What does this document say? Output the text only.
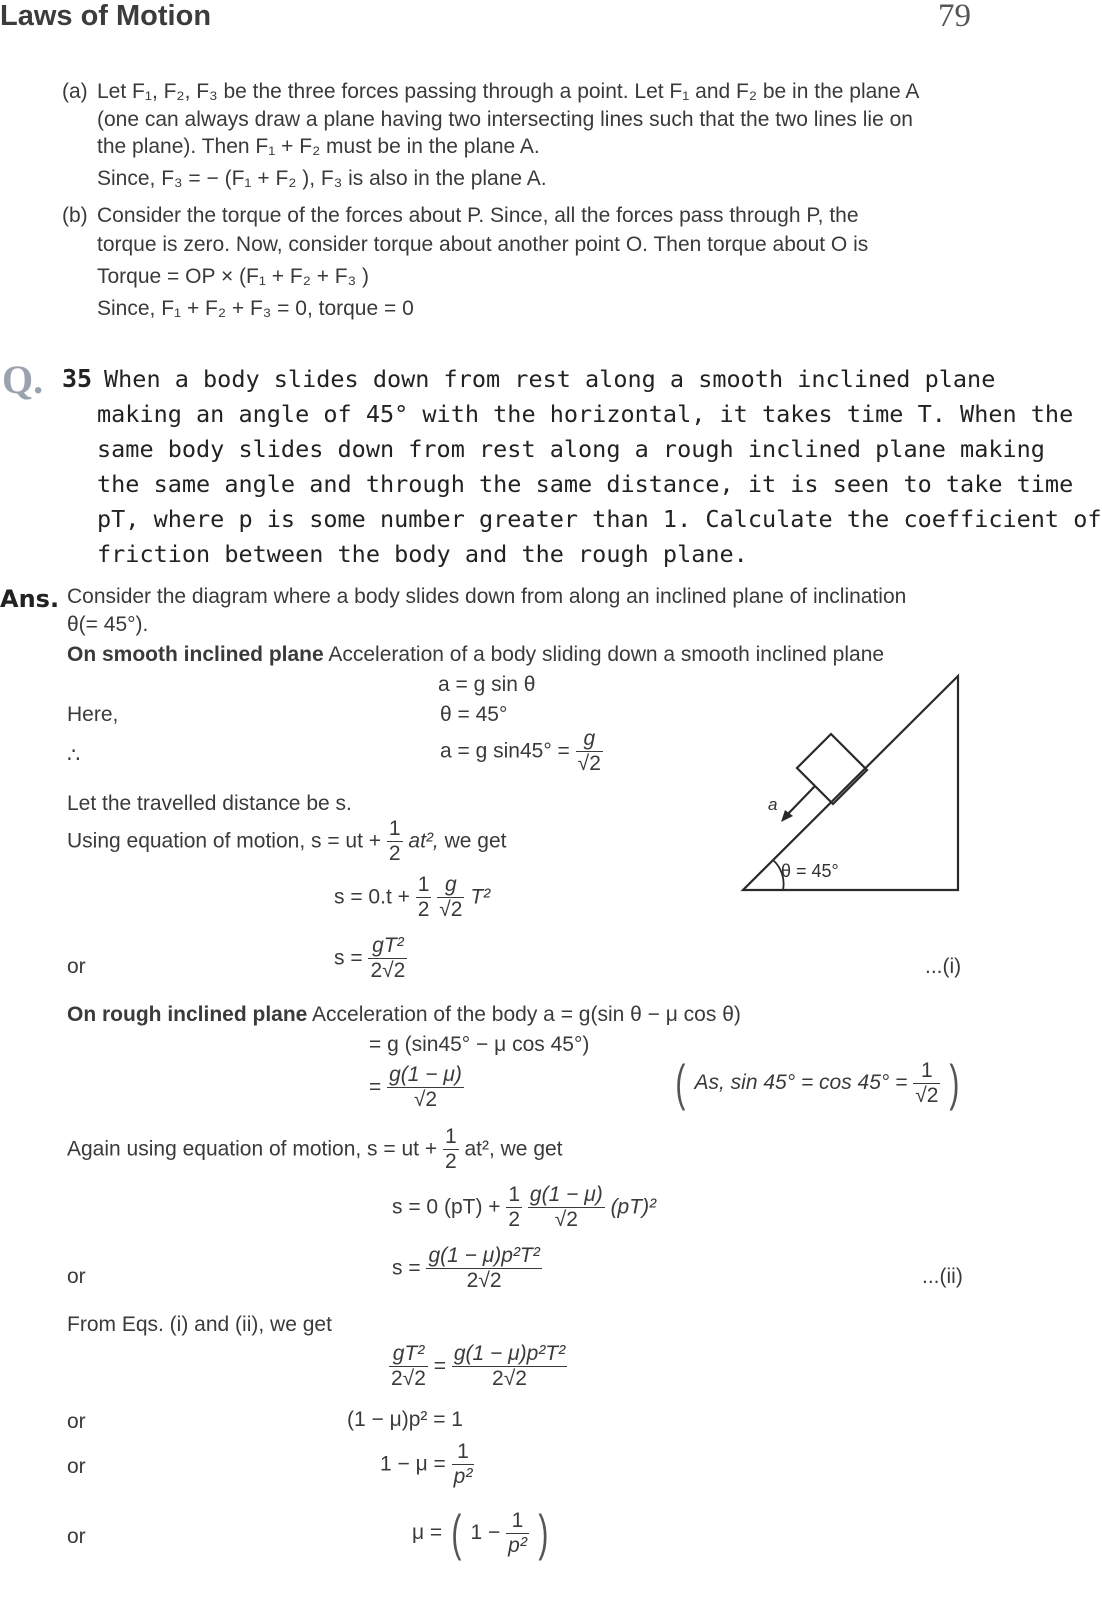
Laws of Motion	79
(a) Let F₁, F₂, F₃ be the three forces passing through a point. Let F₁ and F₂ be in the plane A
(one can always draw a plane having two intersecting lines such that the two lines lie on
the plane). Then F₁ + F₂ must be in the plane A.
Since, F₃ = − (F₁ + F₂ ), F₃ is also in the plane A.
(b) Consider the torque of the forces about P. Since, all the forces pass through P, the
torque is zero. Now, consider torque about another point O. Then torque about O is
Torque = OP × (F₁ + F₂ + F₃ )
Since, F₁ + F₂ + F₃ = 0, torque = 0
Q. 35 When a body slides down from rest along a smooth inclined plane
making an angle of 45° with the horizontal, it takes time T. When the
same body slides down from rest along a rough inclined plane making
the same angle and through the same distance, it is seen to take time
pT, where p is some number greater than 1. Calculate the coefficient of
friction between the body and the rough plane.
Ans. Consider the diagram where a body slides down from along an inclined plane of inclination
θ(= 45°).
On smooth inclined plane Acceleration of a body sliding down a smooth inclined plane
a = g sin θ
Here,	θ = 45°
∴	a = g $\sin 45^\circ = \frac{g}{√2}$
Let the travelled distance be s.
Using equation of motion, s = ut + $\frac{1}{2} at^2$, we get
$s = 0.t + \frac{1}{2}$
$\frac{g}{√2} T^2$
or	$s = \frac{\text{gT²}}{2√2}$	...(i)
On rough inclined plane Acceleration of the body a = g(sin θ − μ cos θ)
= g (sin45° − μ cos 45°)
= $\frac{g(1 - \mu)}{√2}$	( As, $\sin 45^\circ = \cos 45^\circ = \frac{1}{√2}$ )
Again using equation of motion, s = ut + $\frac{1}{2} at^2$, we get
s = 0 $(pT) + \frac{1}{2}$
$\frac{g(1 - \mu)}{√2} (pT)^2$
or	$s = \frac{\text{g(1 − μ)p²T²}}{2√2}$	...(ii)
From Eqs. (i) and (ii), we get
$\frac{\text{gT²}}{2√2} = \frac{\text{g(1 − μ)p²T²}}{2√2}$
or	(1 − μ)p² = 1
or	$1 - \mu = \frac{1}{\text{p²}}$
or	μ = ( $1 - \frac{1}{\text{p²}}$ )
a
θ = 45°
